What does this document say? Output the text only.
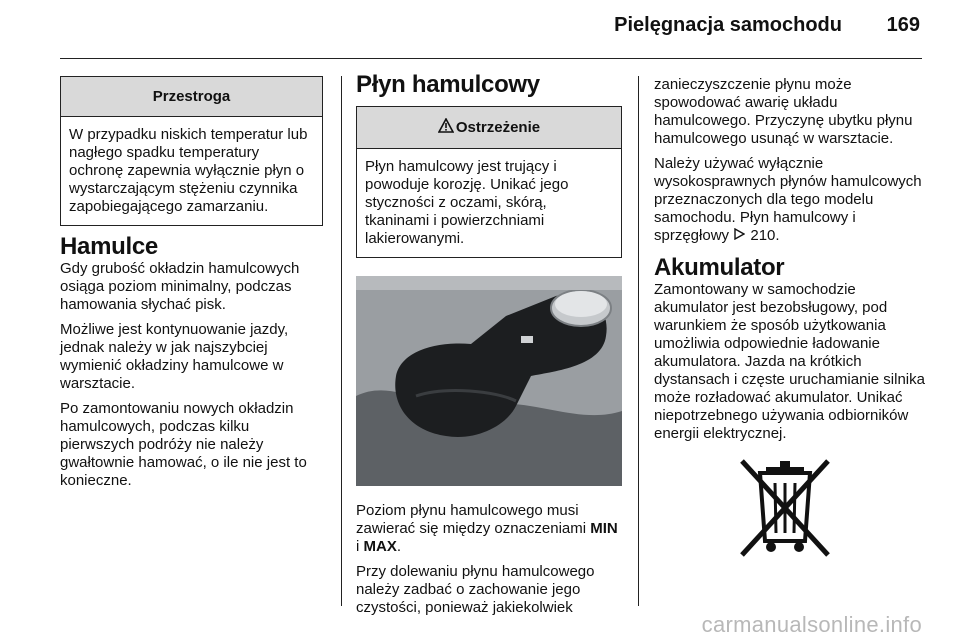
Pielęgnacja samochodu 169
Przestroga

W przypadku niskich temperatur lub nagłego spadku temperatury ochronę zapewnia wyłącznie płyn o wystarczającym stężeniu czynnika zapobiegającego zamarzaniu.

Hamulce

Gdy grubość okładzin hamulcowych osiąga poziom minimalny, podczas hamowania słychać pisk.

Możliwe jest kontynuowanie jazdy, jednak należy w jak najszybciej wymienić okładziny hamulcowe w warsztacie.

Po zamontowaniu nowych okładzin hamulcowych, podczas kilku pierwszych podróży nie należy gwałtownie hamować, o ile nie jest to konieczne.

Płyn hamulcowy
Ostrzeżenie

Płyn hamulcowy jest trujący i powoduje korozję. Unikać jego styczności z oczami, skórą, tkaninami i powierzchniami lakierowanymi.

Poziom płynu hamulcowego musi zawierać się między oznaczeniami MIN i MAX.

Przy dolewaniu płynu hamulcowego należy zadbać o zachowanie jego czystości, ponieważ jakiekolwiek

zanieczyszczenie płynu może spowodować awarię układu hamulcowego. Przyczynę ubytku płynu hamulcowego usunąć w warsztacie.

Należy używać wyłącznie wysokosprawnych płynów hamulcowych przeznaczonych dla tego modelu samochodu. Płyn hamulcowy i sprzęgłowy  210.

Akumulator

Zamontowany w samochodzie akumulator jest bezobsługowy, pod warunkiem że sposób użytkowania umożliwia odpowiednie ładowanie akumulatora. Jazda na krótkich dystansach i częste uruchamianie silnika może rozładować akumulator. Unikać niepotrzebnego używania odbiorników energii elektrycznej.

carmanualsonline.info
